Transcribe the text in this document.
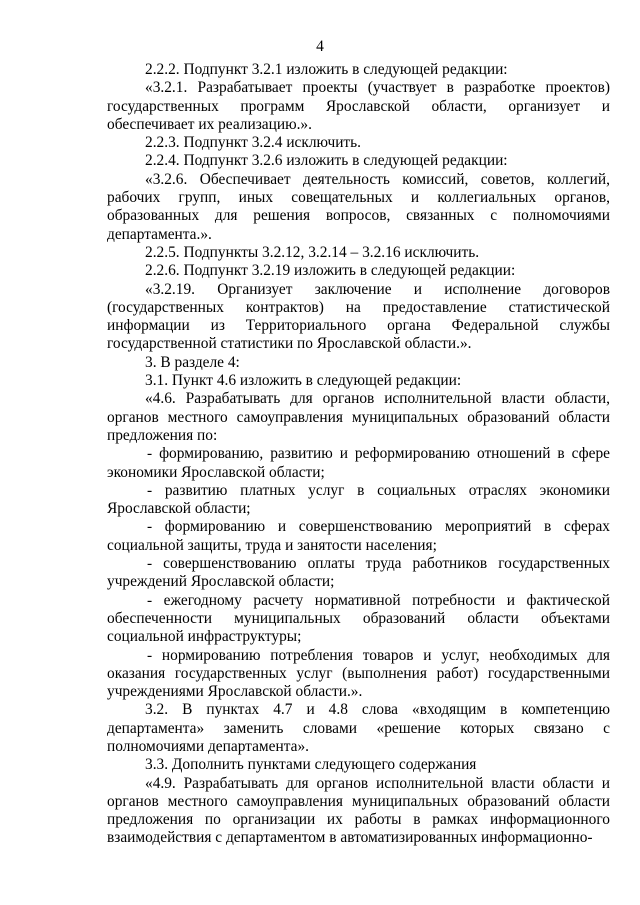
4

2.2.2. Подпункт 3.2.1 изложить в следующей редакции:

«3.2.1. Разрабатывает проекты (участвует в разработке проектов) государственных программ Ярославской области, организует и обеспечивает их реализацию.».

2.2.3. Подпункт 3.2.4 исключить.

2.2.4. Подпункт 3.2.6 изложить в следующей редакции:

«3.2.6. Обеспечивает деятельность комиссий, советов, коллегий, рабочих групп, иных совещательных и коллегиальных органов, образованных для решения вопросов, связанных с полномочиями департамента.».

2.2.5. Подпункты 3.2.12, 3.2.14 – 3.2.16 исключить.

2.2.6. Подпункт 3.2.19 изложить в следующей редакции:

«3.2.19. Организует заключение и исполнение договоров (государственных контрактов) на предоставление статистической информации из Территориального органа Федеральной службы государственной статистики по Ярославской области.».

3. В разделе 4:

3.1. Пункт 4.6 изложить в следующей редакции:

«4.6. Разрабатывать для органов исполнительной власти области, органов местного самоуправления муниципальных образований области предложения по:

- формированию, развитию и реформированию отношений в сфере экономики Ярославской области;

- развитию платных услуг в социальных отраслях экономики Ярославской области;

- формированию и совершенствованию мероприятий в сферах социальной защиты, труда и занятости населения;

- совершенствованию оплаты труда работников государственных учреждений Ярославской области;

- ежегодному расчету нормативной потребности и фактической обеспеченности муниципальных образований области объектами социальной инфраструктуры;

- нормированию потребления товаров и услуг, необходимых для оказания государственных услуг (выполнения работ) государственными учреждениями Ярославской области.».

3.2. В пунктах 4.7 и 4.8 слова «входящим в компетенцию департамента» заменить словами «решение которых связано с полномочиями департамента».

3.3. Дополнить пунктами следующего содержания

«4.9. Разрабатывать для органов исполнительной власти области и органов местного самоуправления муниципальных образований области предложения по организации их работы в рамках информационного взаимодействия с департаментом в автоматизированных информационно-
